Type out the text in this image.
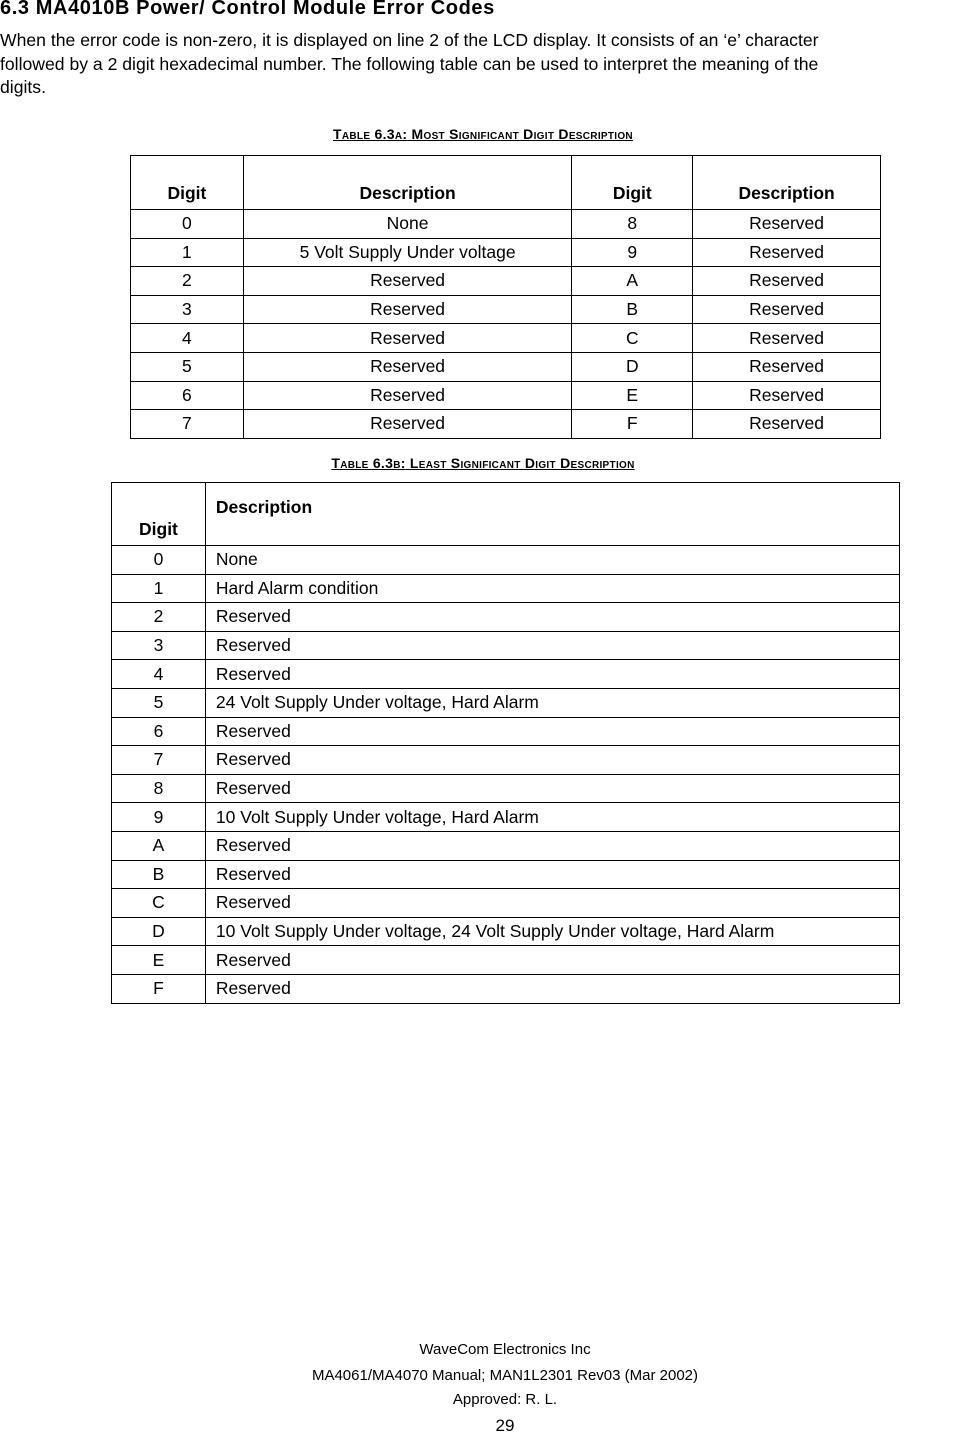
6.3 MA4010B Power/ Control Module Error Codes
When the error code is non-zero, it is displayed on line 2 of the LCD display. It consists of an ‘e’ character
followed by a 2 digit hexadecimal number. The following table can be used to interpret the meaning of the
digits.
Table 6.3a: Most Significant Digit Description
Digit	Description	Digit	Description
0	None	8	Reserved
1	5 Volt Supply Under voltage	9	Reserved
2	Reserved	A	Reserved
3	Reserved	B	Reserved
4	Reserved	C	Reserved
5	Reserved	D	Reserved
6	Reserved	E	Reserved
7	Reserved	F	Reserved
Table 6.3b: Least Significant Digit Description
Digit	Description
0	None
1	Hard Alarm condition
2	Reserved
3	Reserved
4	Reserved
5	24 Volt Supply Under voltage, Hard Alarm
6	Reserved
7	Reserved
8	Reserved
9	10 Volt Supply Under voltage, Hard Alarm
A	Reserved
B	Reserved
C	Reserved
D	10 Volt Supply Under voltage, 24 Volt Supply Under voltage, Hard Alarm
E	Reserved
F	Reserved
WaveCom Electronics Inc
MA4061/MA4070 Manual; MAN1L2301 Rev03 (Mar 2002)
Approved: R. L.
29
